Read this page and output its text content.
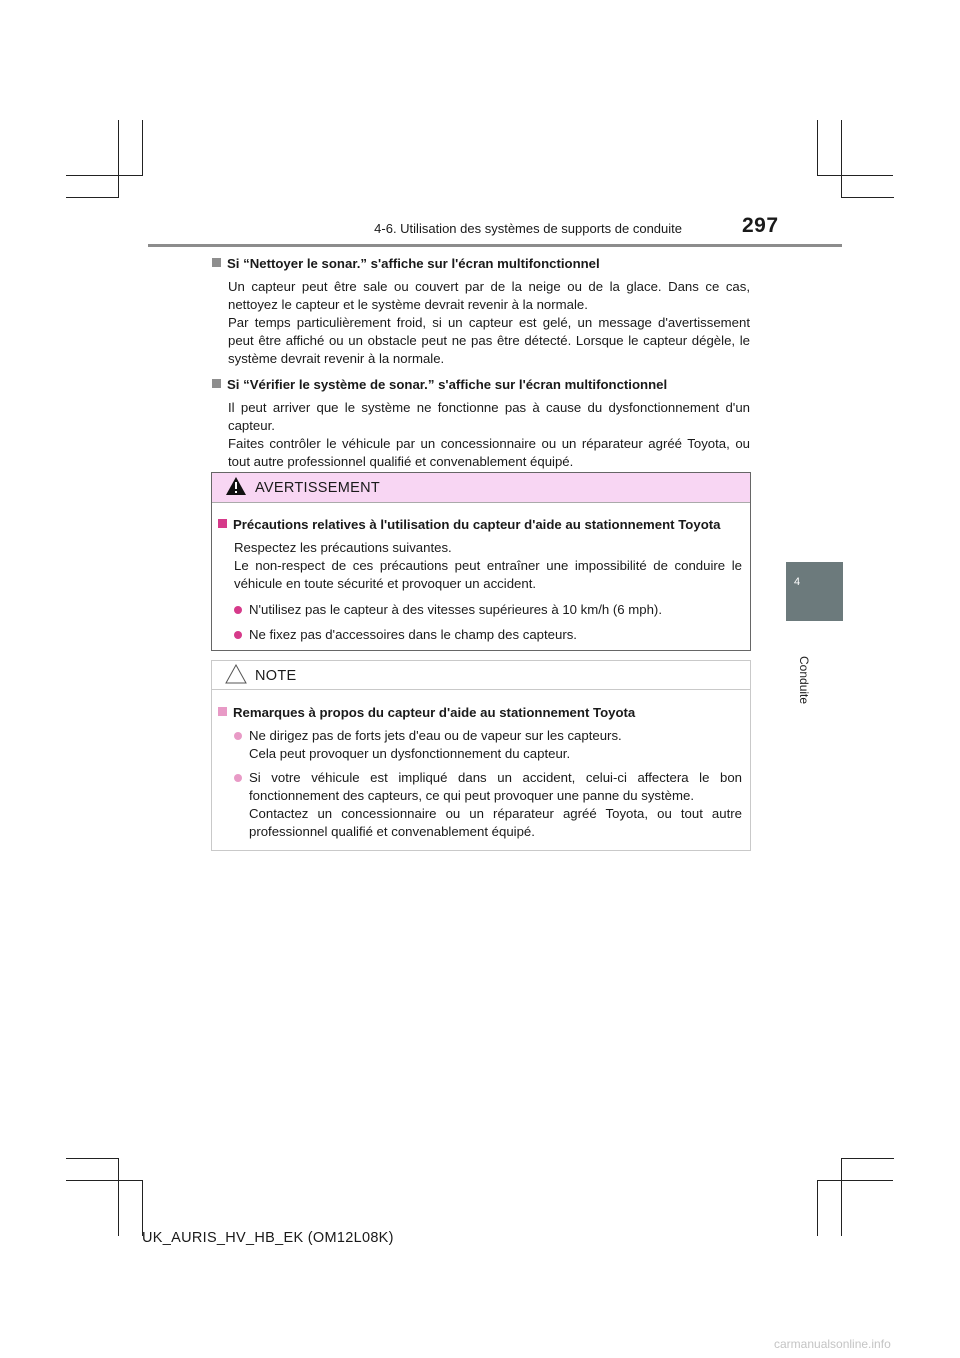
4-6. Utilisation des systèmes de supports de conduite	297
4
Conduite
Si “Nettoyer le sonar.” s'affiche sur l'écran multifonctionnel

Un capteur peut être sale ou couvert par de la neige ou de la glace. Dans ce cas, nettoyez le capteur et le système devrait revenir à la normale.

Par temps particulièrement froid, si un capteur est gelé, un message d'avertissement peut être affiché ou un obstacle peut ne pas être détecté. Lorsque le capteur dégèle, le système devrait revenir à la normale.

Si “Vérifier le système de sonar.” s'affiche sur l'écran multifonctionnel

Il peut arriver que le système ne fonctionne pas à cause du dysfonctionnement d'un capteur.

Faites contrôler le véhicule par un concessionnaire ou un réparateur agréé Toyota, ou tout autre professionnel qualifié et convenablement équipé.

AVERTISSEMENT
Précautions relatives à l'utilisation du capteur d'aide au stationnement Toyota

Respectez les précautions suivantes.

Le non-respect de ces précautions peut entraîner une impossibilité de conduire le véhicule en toute sécurité et provoquer un accident.

N'utilisez pas le capteur à des vitesses supérieures à 10 km/h (6 mph).
Ne fixez pas d'accessoires dans le champ des capteurs.
NOTE
Remarques à propos du capteur d'aide au stationnement Toyota
Ne dirigez pas de forts jets d'eau ou de vapeur sur les capteurs.
Cela peut provoquer un dysfonctionnement du capteur.
Si votre véhicule est impliqué dans un accident, celui-ci affectera le bon fonctionnement des capteurs, ce qui peut provoquer une panne du système.
Contactez un concessionnaire ou un réparateur agréé Toyota, ou tout autre professionnel qualifié et convenablement équipé.
UK_AURIS_HV_HB_EK (OM12L08K)
carmanualsonline.info
